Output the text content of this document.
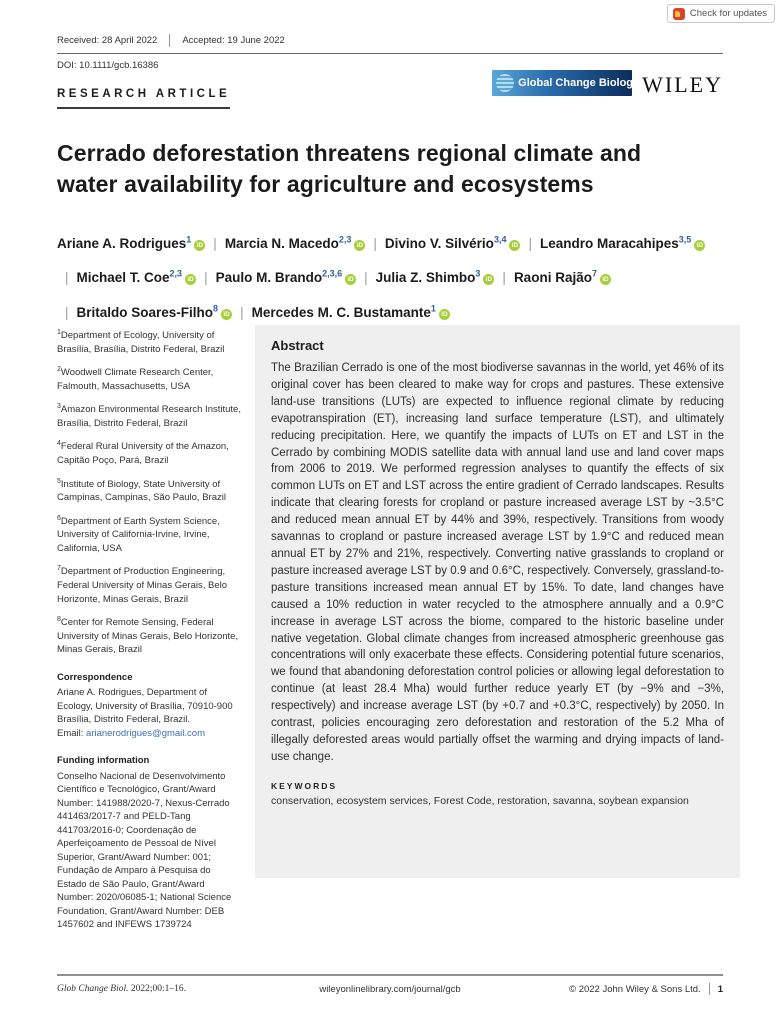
Check for updates
Received: 28 April 2022	Accepted: 19 June 2022
DOI: 10.1111/gcb.16386
RESEARCH ARTICLE
Global Change Biology WILEY
Cerrado deforestation threatens regional climate and water availability for agriculture and ecosystems
Ariane A. Rodrigues$^1$iD | Marcia N. Macedo$^{2,3}$iD | Divino V. Silvério$^{3,4}$iD | Leandro Maracahipes$^{3,5}$iD| Michael T. Coe$^{2,3}$iD | Paulo M. Brando$^{2,3,6}$iD | Julia Z. Shimbo$^3$iD | Raoni Rajão$^7$iD| Britaldo Soares-Filho$^8$iD | Mercedes M. C. Bustamante$^1$iD

$^1$Department of Ecology, University of Brasília, Brasília, Distrito Federal, Brazil

$^2$Woodwell Climate Research Center, Falmouth, Massachusetts, USA

$^3$Amazon Environmental Research Institute, Brasília, Distrito Federal, Brazil

$^4$Federal Rural University of the Amazon, Capitão Poço, Pará, Brazil

$^5$Institute of Biology, State University of Campinas, Campinas, São Paulo, Brazil

$^6$Department of Earth System Science, University of California-Irvine, Irvine, California, USA

$^7$Department of Production Engineering, Federal University of Minas Gerais, Belo Horizonte, Minas Gerais, Brazil

$^8$Center for Remote Sensing, Federal University of Minas Gerais, Belo Horizonte, Minas Gerais, Brazil

Correspondence

Ariane A. Rodrigues, Department of Ecology, University of Brasília, 70910-900 Brasília, Distrito Federal, Brazil.

Email: arianerodrigues@gmail.com

Funding information

Conselho Nacional de Desenvolvimento Científico e Tecnológico, Grant/Award Number: 141988/2020-7, Nexus-Cerrado 441463/2017-7 and PELD-Tang 441703/2016-0; Coordenação de Aperfeiçoamento de Pessoal de Nível Superior, Grant/Award Number: 001; Fundação de Amparo à Pesquisa do Estado de São Paulo, Grant/Award Number: 2020/06085-1; National Science Foundation, Grant/Award Number: DEB 1457602 and INFEWS 1739724

Abstract
The Brazilian Cerrado is one of the most biodiverse savannas in the world, yet 46% of its original cover has been cleared to make way for crops and pastures. These extensive land-use transitions (LUTs) are expected to influence regional climate by reducing evapotranspiration (ET), increasing land surface temperature (LST), and ultimately reducing precipitation. Here, we quantify the impacts of LUTs on ET and LST in the Cerrado by combining MODIS satellite data with annual land use and land cover maps from 2006 to 2019. We performed regression analyses to quantify the effects of six common LUTs on ET and LST across the entire gradient of Cerrado landscapes. Results indicate that clearing forests for cropland or pasture increased average LST by ~3.5°C and reduced mean annual ET by 44% and 39%, respectively. Transitions from woody savannas to cropland or pasture increased average LST by 1.9°C and reduced mean annual ET by 27% and 21%, respectively. Converting native grasslands to cropland or pasture increased average LST by 0.9 and 0.6°C, respectively. Conversely, grassland-to-pasture transitions increased mean annual ET by 15%. To date, land changes have caused a 10% reduction in water recycled to the atmosphere annually and a 0.9°C increase in average LST across the biome, compared to the historic baseline under native vegetation. Global climate changes from increased atmospheric greenhouse gas concentrations will only exacerbate these effects. Considering potential future scenarios, we found that abandoning deforestation control policies or allowing legal deforestation to continue (at least 28.4 Mha) would further reduce yearly ET (by −9% and −3%, respectively) and increase average LST (by +0.7 and +0.3°C, respectively) by 2050. In contrast, policies encouraging zero deforestation and restoration of the 5.2 Mha of illegally deforested areas would partially offset the warming and drying impacts of land-use change.
KEYWORDS
conservation, ecosystem services, Forest Code, restoration, savanna, soybean expansion
Glob Change Biol. 2022;00:1–16.	wileyonlinelibrary.com/journal/gcb	© 2022 John Wiley & Sons Ltd. 1
